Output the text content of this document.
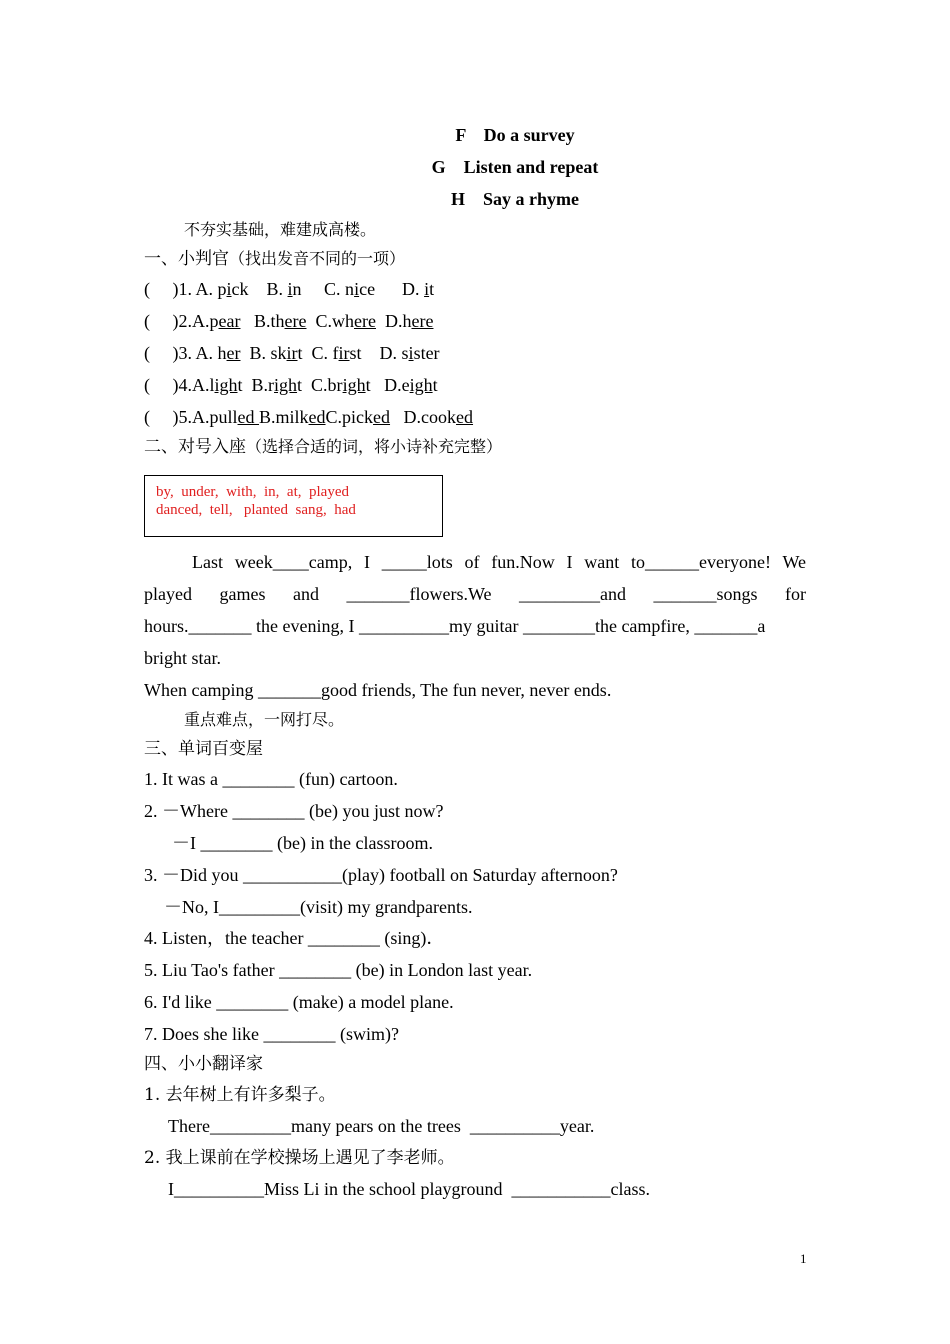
F Do a survey
G Listen and repeat
H Say a rhyme
不夯实基础，难建成高楼。
一、小判官（找出发音不同的一项）
(     )1. A. pick    B. in     C. nice      D. it
(     )2.A.pear   B.there  C.where  D.here
(     )3. A. her  B. skirt  C. first    D. sister
(     )4.A.light  B.right  C.bright   D.eight
(     )5.A.pulled B.milkedC.picked   D.cooked
二、对号入座（选择合适的词，将小诗补充完整）
by,  under,  with,  in,  at,  played
danced,  tell,   planted  sang,  had
Last  week____camp,  I  _____lots  of  fun.Now  I  want  to______everyone!  We
played     games     and     _______flowers.We     _________and     _______songs     for
hours._______ the evening, I __________my guitar ________the campfire, _______a
bright star.
When camping _______good friends, The fun never, never ends.
重点难点，一网打尽。
三、单词百变屋
1. It was a ________ (fun) cartoon.
2. －Where ________ (be) you just now?
－I ________ (be) in the classroom.
3. －Did you ___________(play) football on Saturday afternoon?
－No, I_________(visit) my grandparents.
4. Listen，the teacher ________ (sing)．
5. Liu Tao's father ________ (be) in London last year.
6. I'd like ________ (make) a model plane.
7. Does she like ________ (swim)?
四、小小翻译家
1. 去年树上有许多梨子。
There_________many pears on the trees  __________year.
2. 我上课前在学校操场上遇见了李老师。
I__________Miss Li in the school playground  ___________class.
1
